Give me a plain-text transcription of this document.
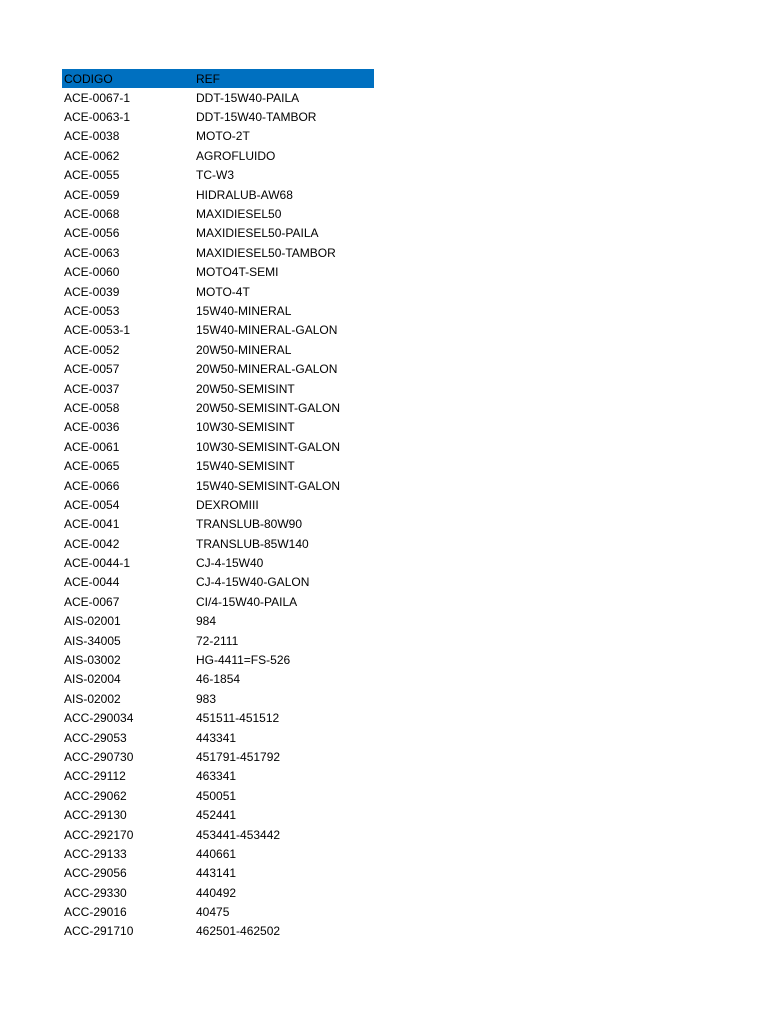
CODIGO	REF
ACE-0067-1	DDT-15W40-PAILA
ACE-0063-1	DDT-15W40-TAMBOR
ACE-0038	MOTO-2T
ACE-0062	AGROFLUIDO
ACE-0055	TC-W3
ACE-0059	HIDRALUB-AW68
ACE-0068	MAXIDIESEL50
ACE-0056	MAXIDIESEL50-PAILA
ACE-0063	MAXIDIESEL50-TAMBOR
ACE-0060	MOTO4T-SEMI
ACE-0039	MOTO-4T
ACE-0053	15W40-MINERAL
ACE-0053-1	15W40-MINERAL-GALON
ACE-0052	20W50-MINERAL
ACE-0057	20W50-MINERAL-GALON
ACE-0037	20W50-SEMISINT
ACE-0058	20W50-SEMISINT-GALON
ACE-0036	10W30-SEMISINT
ACE-0061	10W30-SEMISINT-GALON
ACE-0065	15W40-SEMISINT
ACE-0066	15W40-SEMISINT-GALON
ACE-0054	DEXROMIII
ACE-0041	TRANSLUB-80W90
ACE-0042	TRANSLUB-85W140
ACE-0044-1	CJ-4-15W40
ACE-0044	CJ-4-15W40-GALON
ACE-0067	CI/4-15W40-PAILA
AIS-02001	984
AIS-34005	72-2111
AIS-03002	HG-4411=FS-526
AIS-02004	46-1854
AIS-02002	983
ACC-290034	451511-451512
ACC-29053	443341
ACC-290730	451791-451792
ACC-29112	463341
ACC-29062	450051
ACC-29130	452441
ACC-292170	453441-453442
ACC-29133	440661
ACC-29056	443141
ACC-29330	440492
ACC-29016	40475
ACC-291710	462501-462502
